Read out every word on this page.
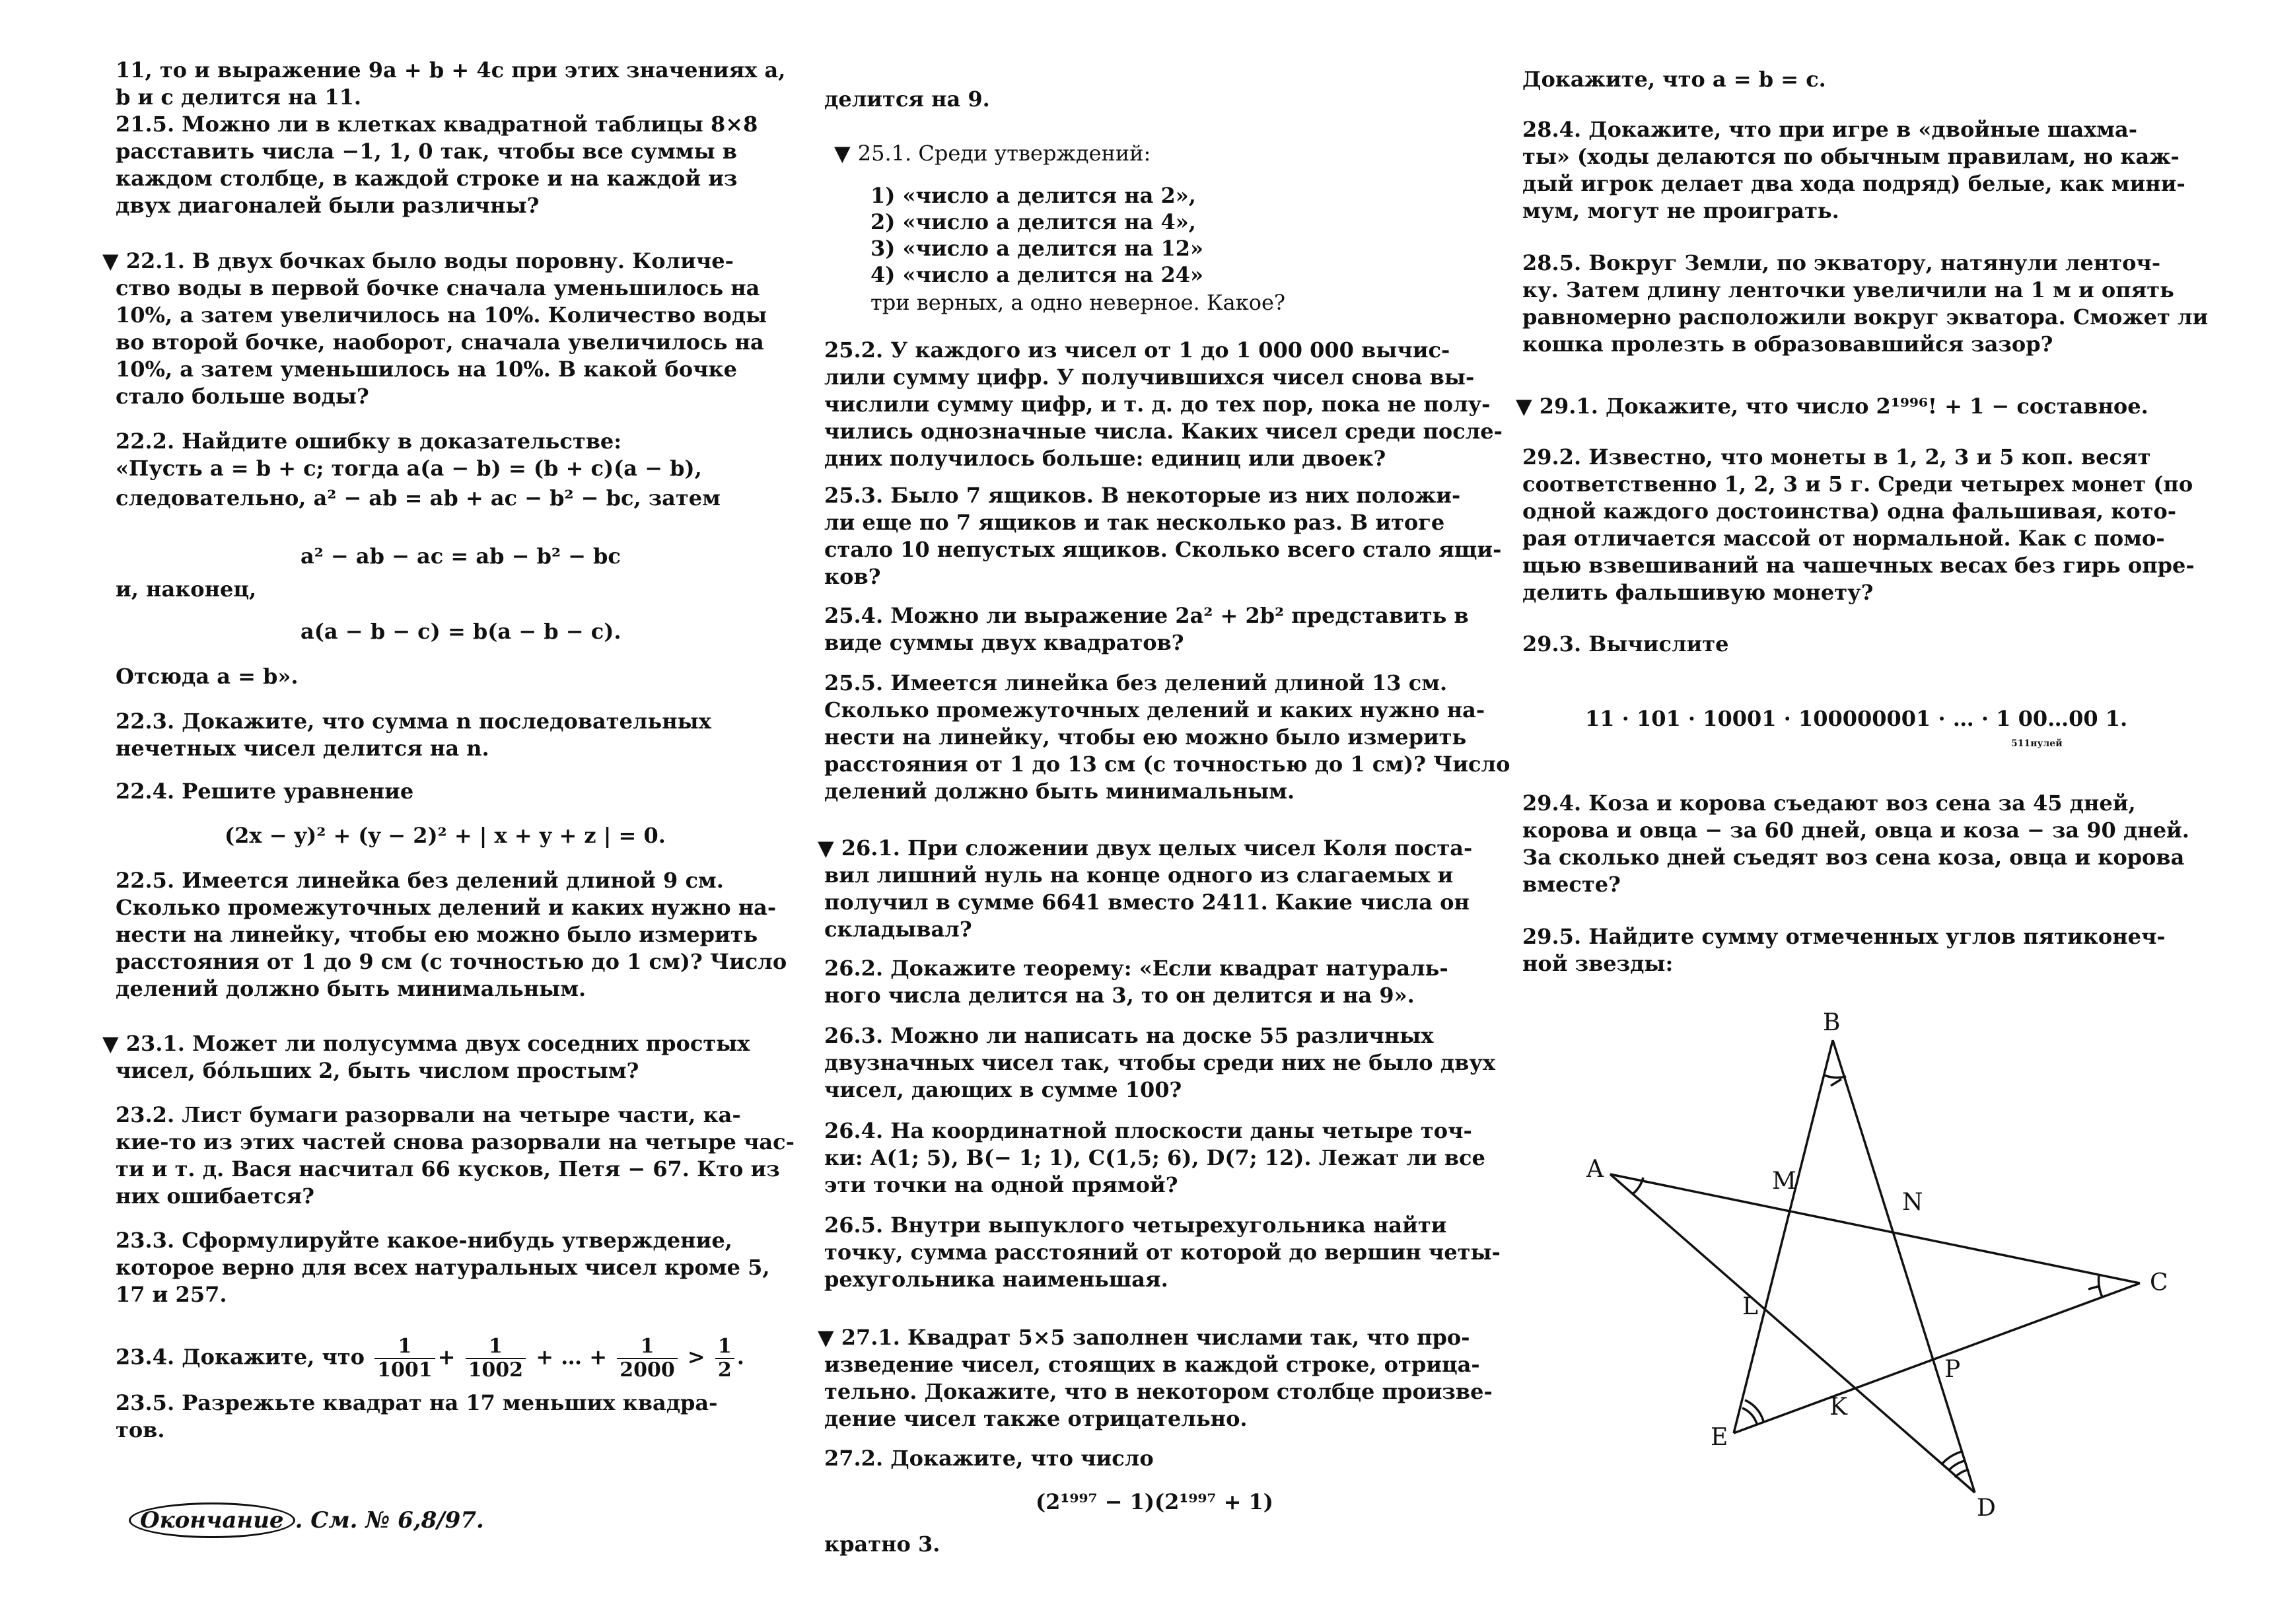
11, то и выражение 9a + b + 4c при этих значениях a,
b и c делится на 11.
21.5. Можно ли в клетках квадратной таблицы 8×8
расставить числа −1, 1, 0 так, чтобы все суммы в
каждом столбце, в каждой строке и на каждой из
двух диагоналей были различны?
▼ 22.1. В двух бочках было воды поровну. Количе-
ство воды в первой бочке сначала уменьшилось на
10%, а затем увеличилось на 10%. Количество воды
во второй бочке, наоборот, сначала увеличилось на
10%, а затем уменьшилось на 10%. В какой бочке
стало больше воды?
22.2. Найдите ошибку в доказательстве:
«Пусть a = b + c; тогда a(a − b) = (b + c)(a − b),
следовательно, a² − ab = ab + ac − b² − bc, затем
a² − ab − ac = ab − b² − bc
и, наконец,
a(a − b − c) = b(a − b − c).
Отсюда a = b».
22.3. Докажите, что сумма n последовательных
нечетных чисел делится на n.
22.4. Решите уравнение
(2x − y)² + (y − 2)² + | x + y + z | = 0.
22.5. Имеется линейка без делений длиной 9 см.
Сколько промежуточных делений и каких нужно на-
нести на линейку, чтобы ею можно было измерить
расстояния от 1 до 9 см (с точностью до 1 см)? Число
делений должно быть минимальным.
▼ 23.1. Может ли полусумма двух соседних простых
чисел, бóльших 2, быть числом простым?
23.2. Лист бумаги разорвали на четыре части, ка-
кие-то из этих частей снова разорвали на четыре час-
ти и т. д. Вася насчитал 66 кусков, Петя − 67. Кто из
них ошибается?
23.3. Сформулируйте какое-нибудь утверждение,
которое верно для всех натуральных чисел кроме 5,
17 и 257.
23.4. Докажите, что $\frac{1}{1001} + \frac{1}{1002}$ + … + $\frac{1}{2000} > \frac{1}{2}$ .
23.5. Разрежьте квадрат на 17 меньших квадра-
тов.
делится на 9.
▼ 25.1. Среди утверждений:
1) «число a делится на 2»,
2) «число a делится на 4»,
3) «число a делится на 12»
4) «число a делится на 24»
три верных, а одно неверное. Какое?
25.2. У каждого из чисел от 1 до 1 000 000 вычис-
лили сумму цифр. У получившихся чисел снова вы-
числили сумму цифр, и т. д. до тех пор, пока не полу-
чились однозначные числа. Каких чисел среди после-
дних получилось больше: единиц или двоек?
25.3. Было 7 ящиков. В некоторые из них положи-
ли еще по 7 ящиков и так несколько раз. В итоге
стало 10 непустых ящиков. Сколько всего стало ящи-
ков?
25.4. Можно ли выражение 2a² + 2b² представить в
виде суммы двух квадратов?
25.5. Имеется линейка без делений длиной 13 см.
Сколько промежуточных делений и каких нужно на-
нести на линейку, чтобы ею можно было измерить
расстояния от 1 до 13 см (с точностью до 1 см)? Число
делений должно быть минимальным.
▼ 26.1. При сложении двух целых чисел Коля поста-
вил лишний нуль на конце одного из слагаемых и
получил в сумме 6641 вместо 2411. Какие числа он
складывал?
26.2. Докажите теорему: «Если квадрат натураль-
ного числа делится на 3, то он делится и на 9».
26.3. Можно ли написать на доске 55 различных
двузначных чисел так, чтобы среди них не было двух
чисел, дающих в сумме 100?
26.4. На координатной плоскости даны четыре точ-
ки: A(1; 5), B(− 1; 1), C(1,5; 6), D(7; 12). Лежат ли все
эти точки на одной прямой?
26.5. Внутри выпуклого четырехугольника найти
точку, сумма расстояний от которой до вершин четы-
рехугольника наименьшая.
▼ 27.1. Квадрат 5×5 заполнен числами так, что про-
изведение чисел, стоящих в каждой строке, отрица-
тельно. Докажите, что в некотором столбце произве-
дение чисел также отрицательно.
27.2. Докажите, что число
(2¹⁹⁹⁷ − 1)(2¹⁹⁹⁷ + 1)
кратно 3.
Докажите, что a = b = c.
28.4. Докажите, что при игре в «двойные шахма-
ты» (ходы делаются по обычным правилам, но каж-
дый игрок делает два хода подряд) белые, как мини-
мум, могут не проиграть.
28.5. Вокруг Земли, по экватору, натянули ленточ-
ку. Затем длину ленточки увеличили на 1 м и опять
равномерно расположили вокруг экватора. Сможет ли
кошка пролезть в образовавшийся зазор?
▼ 29.1. Докажите, что число 2¹⁹⁹⁶! + 1 − составное.
29.2. Известно, что монеты в 1, 2, 3 и 5 коп. весят
соответственно 1, 2, 3 и 5 г. Среди четырех монет (по
одной каждого достоинства) одна фальшивая, кото-
рая отличается массой от нормальной. Как с помо-
щью взвешиваний на чашечных весах без гирь опре-
делить фальшивую монету?
29.3. Вычислите
11 · 101 · 10001 · 100000001 · … · 1 00…00 1.
511нулей
29.4. Коза и корова съедают воз сена за 45 дней,
корова и овца − за 60 дней, овца и коза − за 90 дней.
За сколько дней съедят воз сена коза, овца и корова
вместе?
29.5. Найдите сумму отмеченных углов пятиконеч-
ной звезды:
B
A
C
D
E
M
N
L
P
K
Окончание . См. № 6,8/97.
